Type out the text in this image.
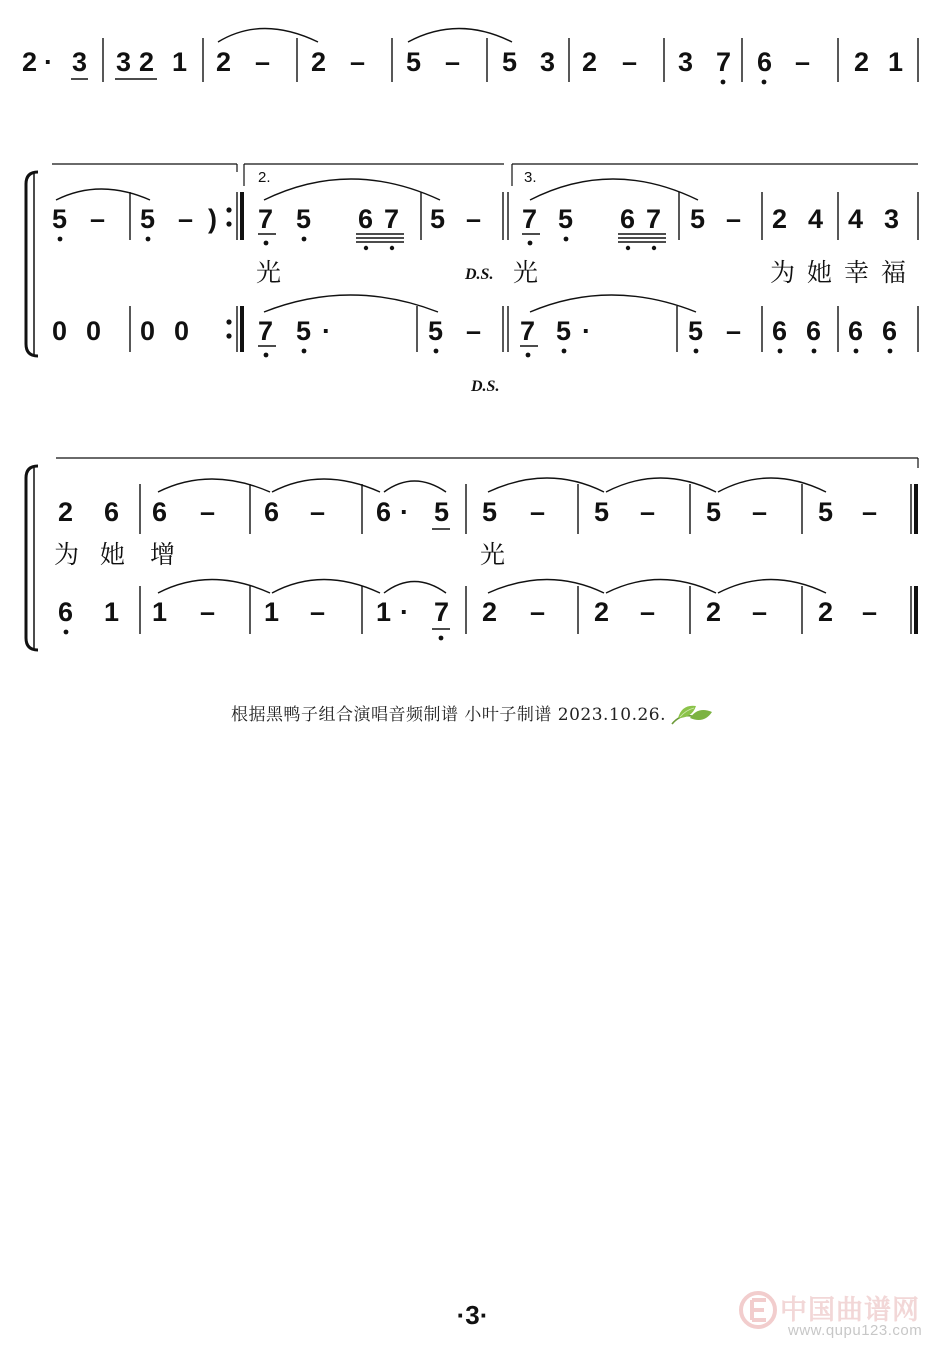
2 · 3 3 2 1 2 – 2 – 5 – 5 3 2 – 3 7 6 – 2 1
2.	3.
5 – 5 – ) 7 5 6 7 5 – 7 5 6 7 5 – 2 4 4 3
光	D.S. 光	为 她 幸 福
0 0 0 0	7 5 ·	5 – 7 5 ·	5 – 6 6 6 6
D.S.
2 6 6 – 6 – 6 · 5 5 – 5 – 5 – 5 –
为 她 增	光
6 1 1 – 1 – 1 · 7 2 – 2 – 2 – 2 –
根据黑鸭子组合演唱音频制谱 小叶子制谱 2023.10.26.
·3·	中国曲谱网
www.qupu123.com
